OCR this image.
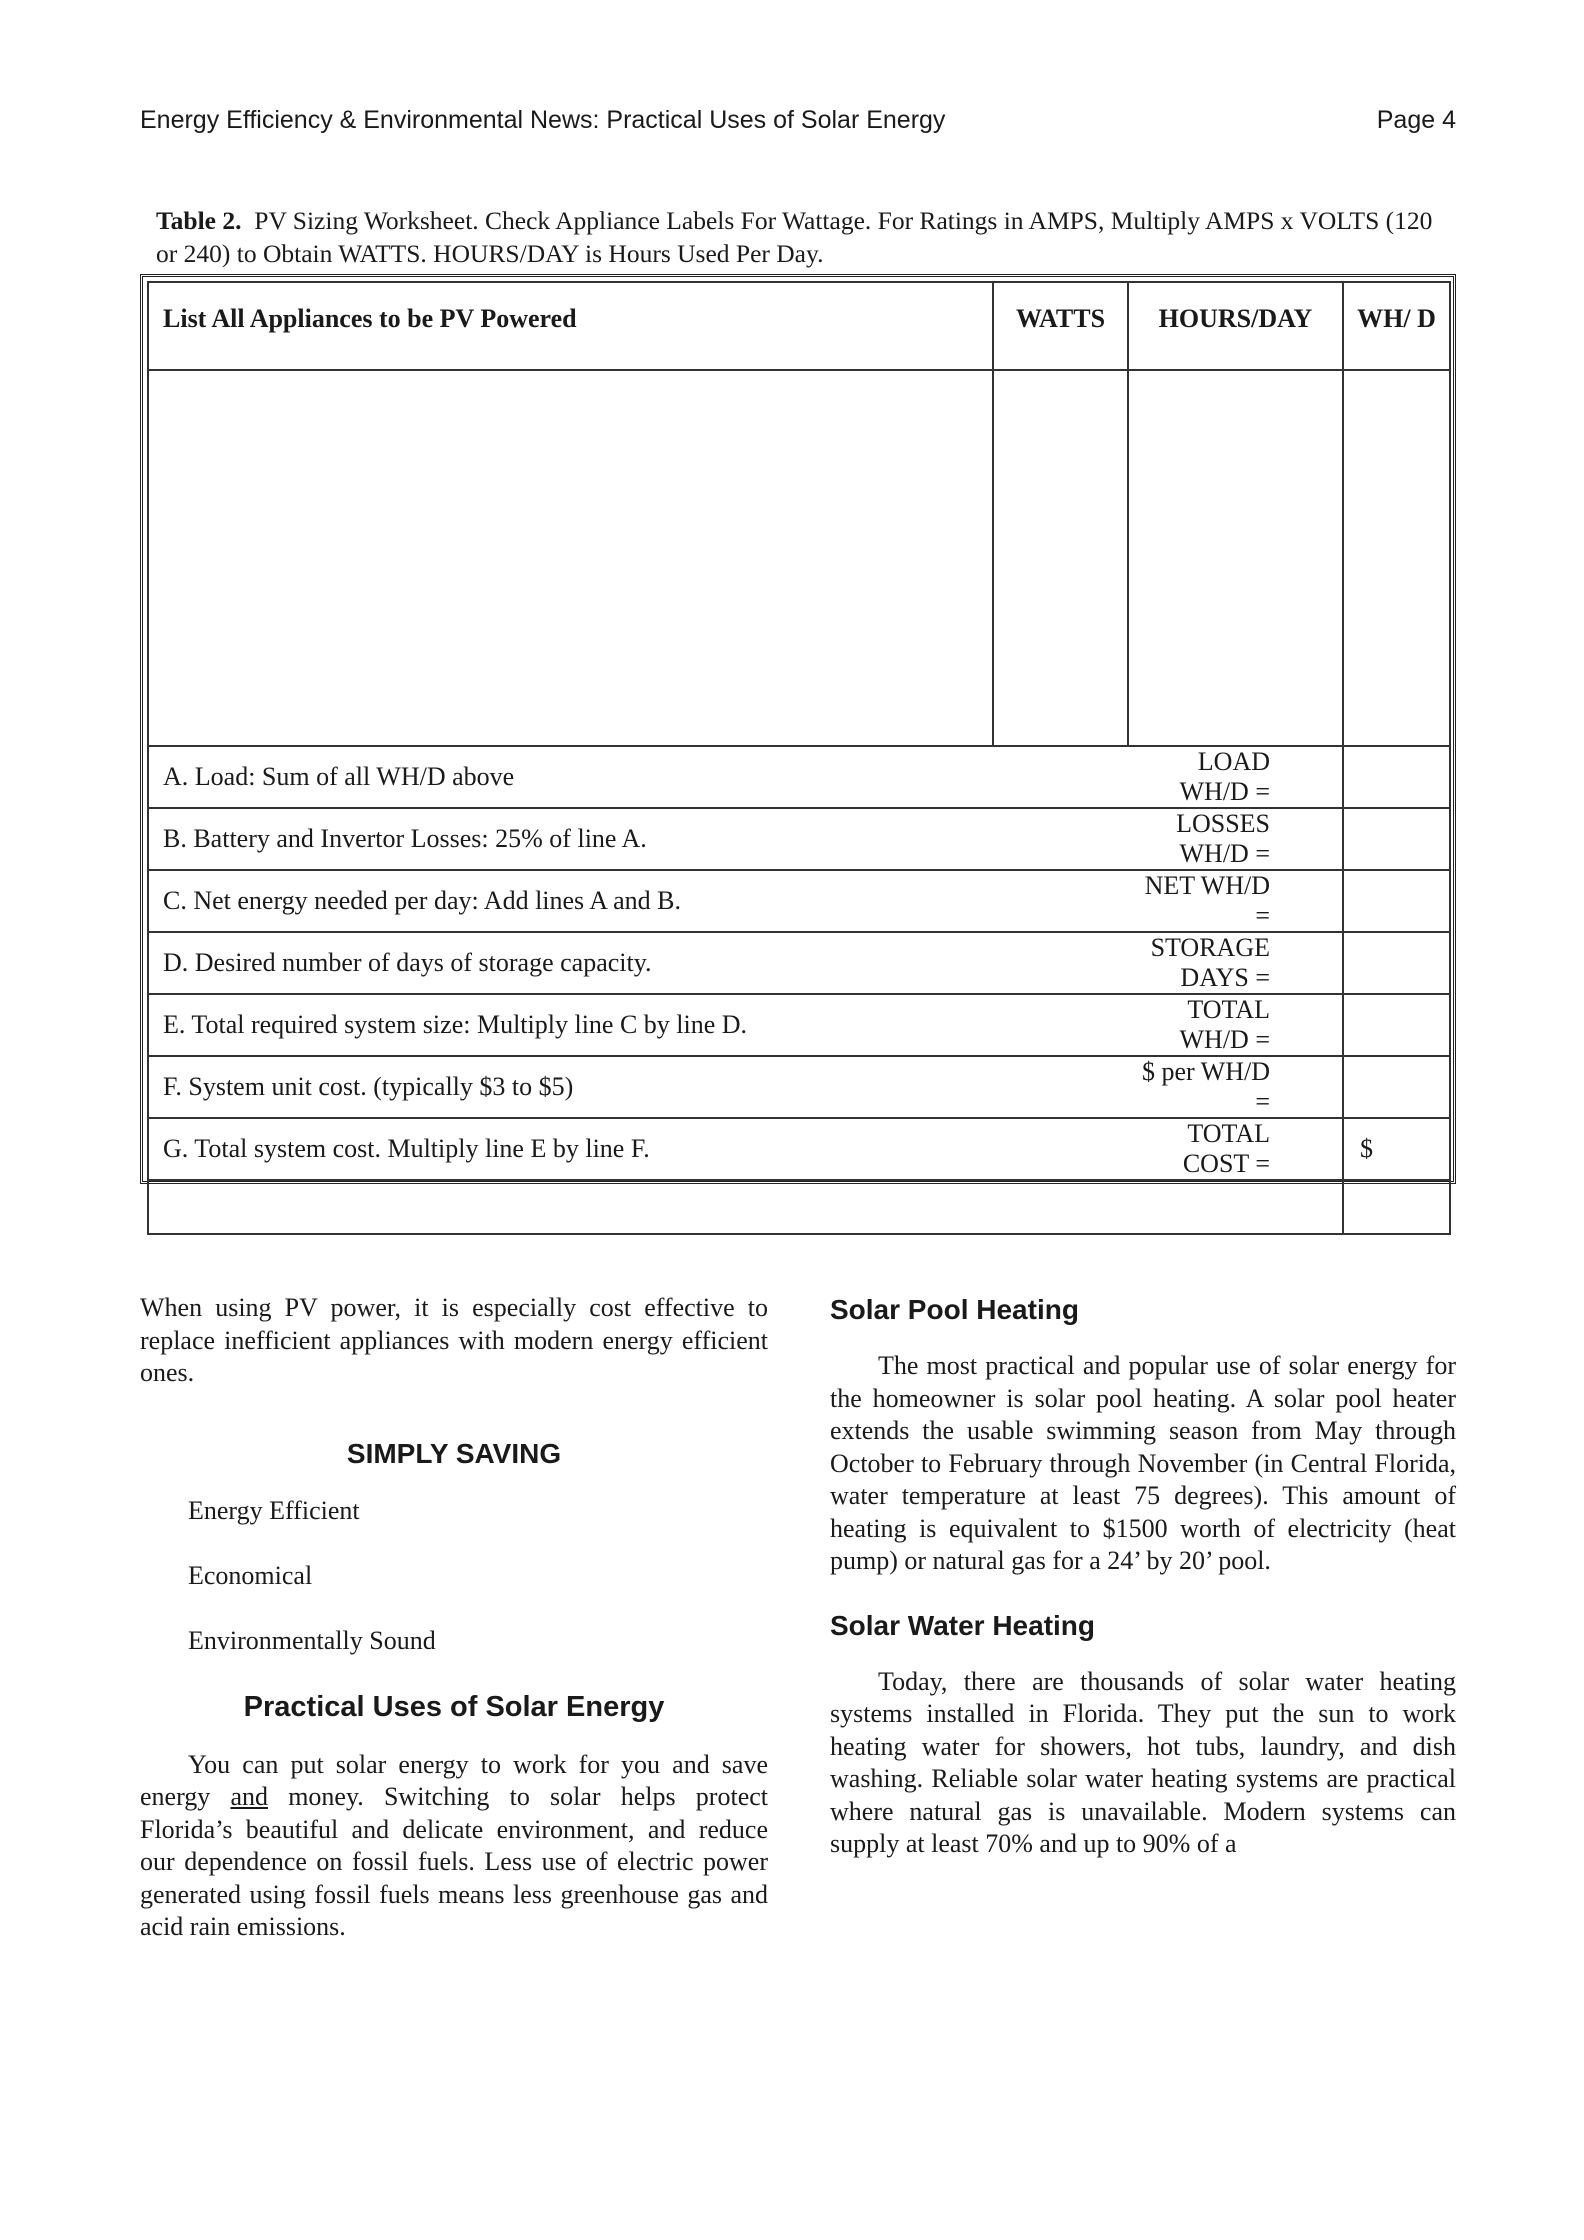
Energy Efficiency & Environmental News: Practical Uses of Solar Energy	Page 4
Table 2. PV Sizing Worksheet. Check Appliance Labels For Wattage. For Ratings in AMPS, Multiply AMPS x VOLTS (120 or 240) to Obtain WATTS. HOURS/DAY is Hours Used Per Day.
List All Appliances to be PV Powered	WATTS	HOURS/DAY	WH/ D

A. Load: Sum of all WH/D above		LOAD WH/D =	
B. Battery and Invertor Losses: 25% of line A.		LOSSES WH/D =	
C. Net energy needed per day: Add lines A and B.		NET WH/D =	
D. Desired number of days of storage capacity.		STORAGE DAYS =	
E. Total required system size: Multiply line C by line D.		TOTAL WH/D =	
F. System unit cost. (typically $3 to $5)		$ per WH/D =	
G. Total system cost. Multiply line E by line F.		TOTAL COST =	$

When using PV power, it is especially cost effective to replace inefficient appliances with modern energy efficient ones.

SIMPLY SAVING
Energy Efficient
Economical
Environmentally Sound
Practical Uses of Solar Energy

You can put solar energy to work for you and save energy and money. Switching to solar helps protect Florida’s beautiful and delicate environment, and reduce our dependence on fossil fuels. Less use of electric power generated using fossil fuels means less greenhouse gas and acid rain emissions.

Solar Pool Heating

The most practical and popular use of solar energy for the homeowner is solar pool heating. A solar pool heater extends the usable swimming season from May through October to February through November (in Central Florida, water temperature at least 75 degrees). This amount of heating is equivalent to $1500 worth of electricity (heat pump) or natural gas for a 24’ by 20’ pool.

Solar Water Heating

Today, there are thousands of solar water heating systems installed in Florida. They put the sun to work heating water for showers, hot tubs, laundry, and dish washing. Reliable solar water heating systems are practical where natural gas is unavailable. Modern systems can supply at least 70% and up to 90% of a
